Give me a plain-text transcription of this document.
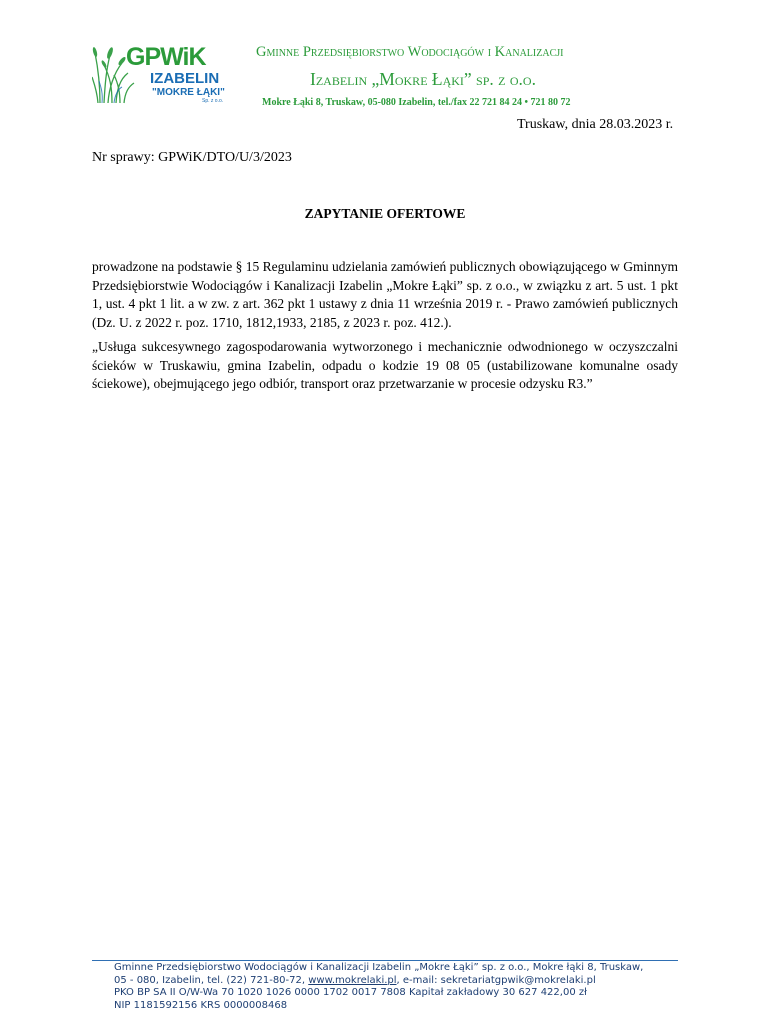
GPWiK
IZABELIN
"MOKRE ŁĄKI"
Sp. z o.o.
Gminne Przedsiębiorstwo Wodociągów i Kanalizacji
Izabelin „Mokre Łąki” sp. z o.o.
Mokre Łąki 8, Truskaw, 05-080 Izabelin, tel./fax 22 721 84 24 • 721 80 72
Truskaw, dnia 28.03.2023 r.
Nr sprawy: GPWiK/DTO/U/3/2023
ZAPYTANIE OFERTOWE

prowadzone na podstawie § 15 Regulaminu udzielania zamówień publicznych obowiązującego w Gminnym Przedsiębiorstwie Wodociągów i Kanalizacji Izabelin „Mokre Łąki” sp. z o.o., w związku z art. 5 ust. 1 pkt 1, ust. 4 pkt 1 lit. a w zw. z art. 362 pkt 1 ustawy z dnia 11 września 2019 r. - Prawo zamówień publicznych (Dz. U. z 2022 r. poz. 1710, 1812,1933, 2185, z 2023 r. poz. 412.).

„Usługa sukcesywnego zagospodarowania wytworzonego i mechanicznie odwodnionego w oczyszczalni ścieków w Truskawiu, gmina Izabelin, odpadu o kodzie 19 08 05 (ustabilizowane komunalne osady ściekowe), obejmującego jego odbiór, transport oraz przetwarzanie w procesie odzysku R3.”

Gminne Przedsiębiorstwo Wodociągów i Kanalizacji Izabelin „Mokre Łąki” sp. z o.o., Mokre łąki 8, Truskaw,
05 - 080, Izabelin, tel. (22) 721-80-72, www.mokrelaki.pl, e-mail: sekretariatgpwik@mokrelaki.pl
PKO BP SA II O/W-Wa 70 1020 1026 0000 1702 0017 7808 Kapitał zakładowy 30 627 422,00 zł
NIP 1181592156 KRS 0000008468
